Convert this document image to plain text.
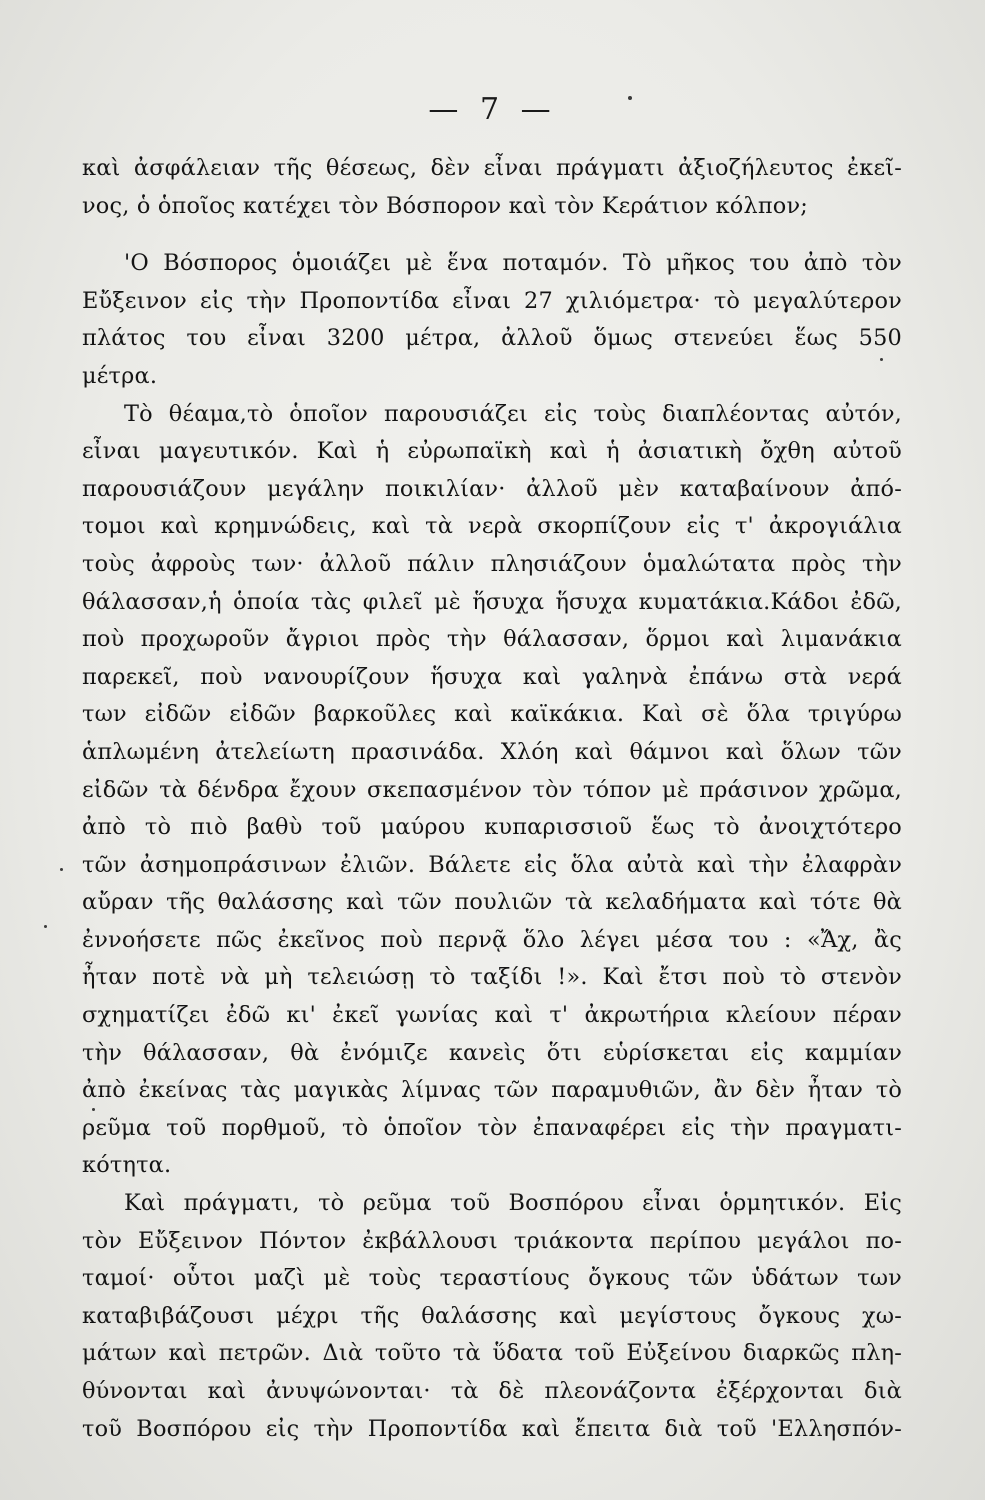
— 7 —
καὶ ἀσφάλειαν τῆς θέσεως, δὲν εἶναι πράγματι ἀξιοζήλευτος ἐκεῖ-
νος, ὁ ὁποῖος κατέχει τὸν Βόσπορον καὶ τὸν Κεράτιον κόλπον;
'Ο Βόσπορος ὁμοιάζει μὲ ἕνα ποταμόν. Τὸ μῆκος του ἀπὸ τὸν
Εὔξεινον εἰς τὴν Προποντίδα εἶναι 27 χιλιόμετρα· τὸ μεγαλύτερον
πλάτος του εἶναι 3200 μέτρα, ἀλλοῦ ὅμως στενεύει ἕως 550
μέτρα.
Τὸ θέαμα,τὸ ὁποῖον παρουσιάζει εἰς τοὺς διαπλέοντας αὐτόν,
εἶναι μαγευτικόν. Καὶ ἡ εὐρωπαϊκὴ καὶ ἡ ἀσιατικὴ ὄχθη αὐτοῦ
παρουσιάζουν μεγάλην ποικιλίαν· ἀλλοῦ μὲν καταβαίνουν ἀπό-
τομοι καὶ κρημνώδεις, καὶ τὰ νερὰ σκορπίζουν εἰς τ' ἀκρογιάλια
τοὺς ἀφροὺς των· ἀλλοῦ πάλιν πλησιάζουν ὁμαλώτατα πρὸς τὴν
θάλασσαν,ἡ ὁποία τὰς φιλεῖ μὲ ἥσυχα ἥσυχα κυματάκια.Κάδοι ἐδῶ,
ποὺ προχωροῦν ἄγριοι πρὸς τὴν θάλασσαν, ὅρμοι καὶ λιμανάκια
παρεκεῖ, ποὺ νανουρίζουν ἥσυχα καὶ γαληνὰ ἐπάνω στὰ νερά
των εἰδῶν εἰδῶν βαρκοῦλες καὶ καϊκάκια. Καὶ σὲ ὅλα τριγύρω
ἁπλωμένη ἀτελείωτη πρασινάδα. Χλόη καὶ θάμνοι καὶ ὅλων τῶν
εἰδῶν τὰ δένδρα ἔχουν σκεπασμένον τὸν τόπον μὲ πράσινον χρῶμα,
ἀπὸ τὸ πιὸ βαθὺ τοῦ μαύρου κυπαρισσιοῦ ἕως τὸ ἀνοιχτότερο
τῶν ἀσημοπράσινων ἐλιῶν. Βάλετε εἰς ὅλα αὐτὰ καὶ τὴν ἐλαφρὰν
αὔραν τῆς θαλάσσης καὶ τῶν πουλιῶν τὰ κελαδήματα καὶ τότε θὰ
ἐννοήσετε πῶς ἐκεῖνος ποὺ περνᾷ ὅλο λέγει μέσα του : «Ἄχ, ἂς
ἦταν ποτὲ νὰ μὴ τελειώσῃ τὸ ταξίδι !». Καὶ ἔτσι ποὺ τὸ στενὸν
σχηματίζει ἐδῶ κι' ἐκεῖ γωνίας καὶ τ' ἀκρωτήρια κλείουν πέραν
τὴν θάλασσαν, θὰ ἐνόμιζε κανεὶς ὅτι εὑρίσκεται εἰς καμμίαν
ἀπὸ ἐκείνας τὰς μαγικὰς λίμνας τῶν παραμυθιῶν, ἂν δὲν ἦταν τὸ
ρεῦμα τοῦ πορθμοῦ, τὸ ὁποῖον τὸν ἐπαναφέρει εἰς τὴν πραγματι-
κότητα.
Καὶ πράγματι, τὸ ρεῦμα τοῦ Βοσπόρου εἶναι ὁρμητικόν. Εἰς
τὸν Εὔξεινον Πόντον ἐκβάλλουσι τριάκοντα περίπου μεγάλοι πο-
ταμοί· οὗτοι μαζὶ μὲ τοὺς τεραστίους ὄγκους τῶν ὑδάτων των
καταβιβάζουσι μέχρι τῆς θαλάσσης καὶ μεγίστους ὄγκους χω-
μάτων καὶ πετρῶν. Διὰ τοῦτο τὰ ὕδατα τοῦ Εὐξείνου διαρκῶς πλη-
θύνονται καὶ ἀνυψώνονται· τὰ δὲ πλεονάζοντα ἐξέρχονται διὰ
τοῦ Βοσπόρου εἰς τὴν Προποντίδα καὶ ἔπειτα διὰ τοῦ 'Ελλησπόν-
